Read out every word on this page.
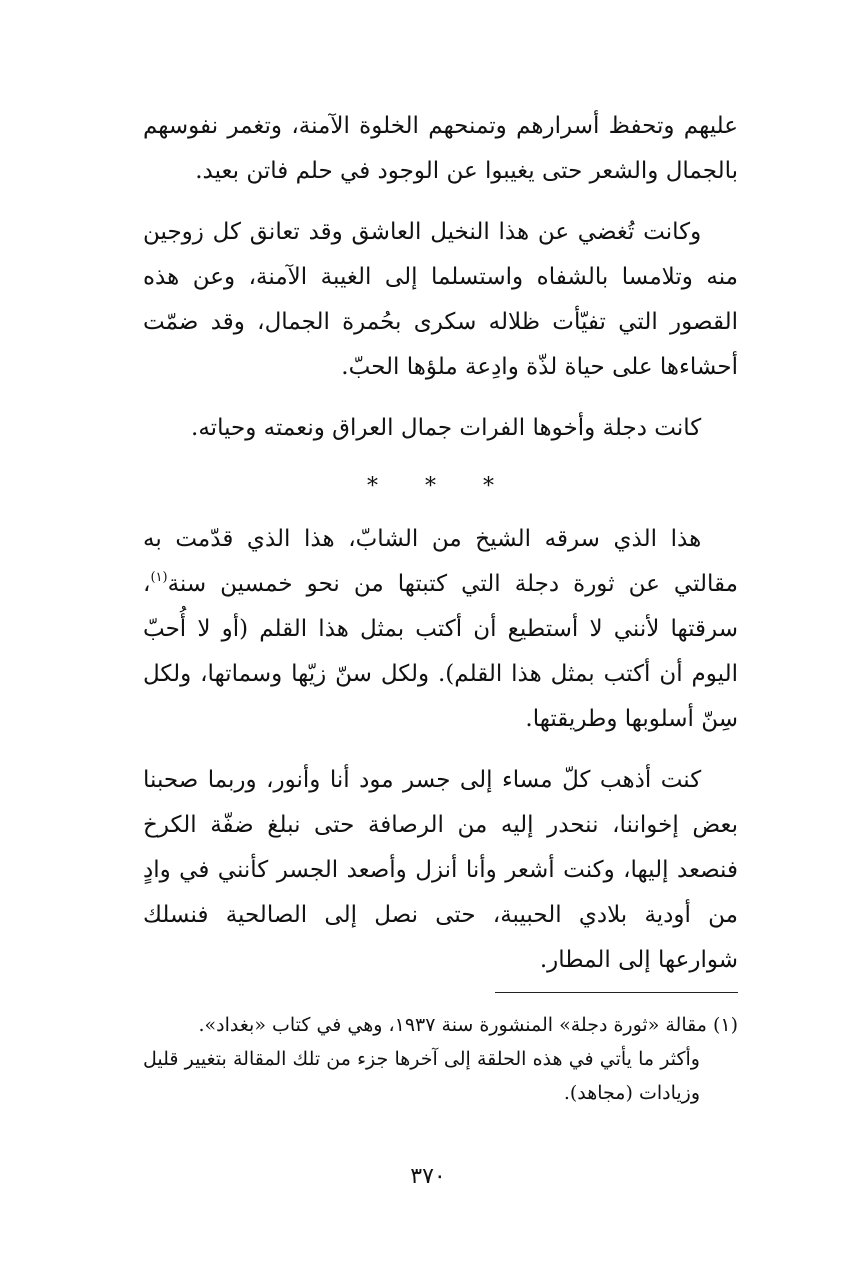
عليهم وتحفظ أسرارهم وتمنحهم الخلوة الآمنة، وتغمر نفوسهم بالجمال والشعر حتى يغيبوا عن الوجود في حلم فاتن بعيد.

وكانت تُغضي عن هذا النخيل العاشق وقد تعانق كل زوجين منه وتلامسا بالشفاه واستسلما إلى الغيبة الآمنة، وعن هذه القصور التي تفيّأت ظلاله سكرى بحُمرة الجمال، وقد ضمّت أحشاءها على حياة لذّة وادِعة ملؤها الحبّ.

كانت دجلة وأخوها الفرات جمال العراق ونعمته وحياته.

* * *

هذا الذي سرقه الشيخ من الشابّ، هذا الذي قدّمت به مقالتي عن ثورة دجلة التي كتبتها من نحو خمسين سنة$^{(١)}$، سرقتها لأنني لا أستطيع أن أكتب بمثل هذا القلم (أو لا أُحبّ اليوم أن أكتب بمثل هذا القلم). ولكل سنّ زيّها وسماتها، ولكل سِنّ أسلوبها وطريقتها.

كنت أذهب كلّ مساء إلى جسر مود أنا وأنور، وربما صحبنا بعض إخواننا، ننحدر إليه من الرصافة حتى نبلغ ضفّة الكرخ فنصعد إليها، وكنت أشعر وأنا أنزل وأصعد الجسر كأنني في وادٍ من أودية بلادي الحبيبة، حتى نصل إلى الصالحية فنسلك شوارعها إلى المطار.

(١) مقالة «ثورة دجلة» المنشورة سنة ١٩٣٧، وهي في كتاب «بغداد».

وأكثر ما يأتي في هذه الحلقة إلى آخرها جزء من تلك المقالة بتغيير قليل وزيادات (مجاهد).

٣٧٠
